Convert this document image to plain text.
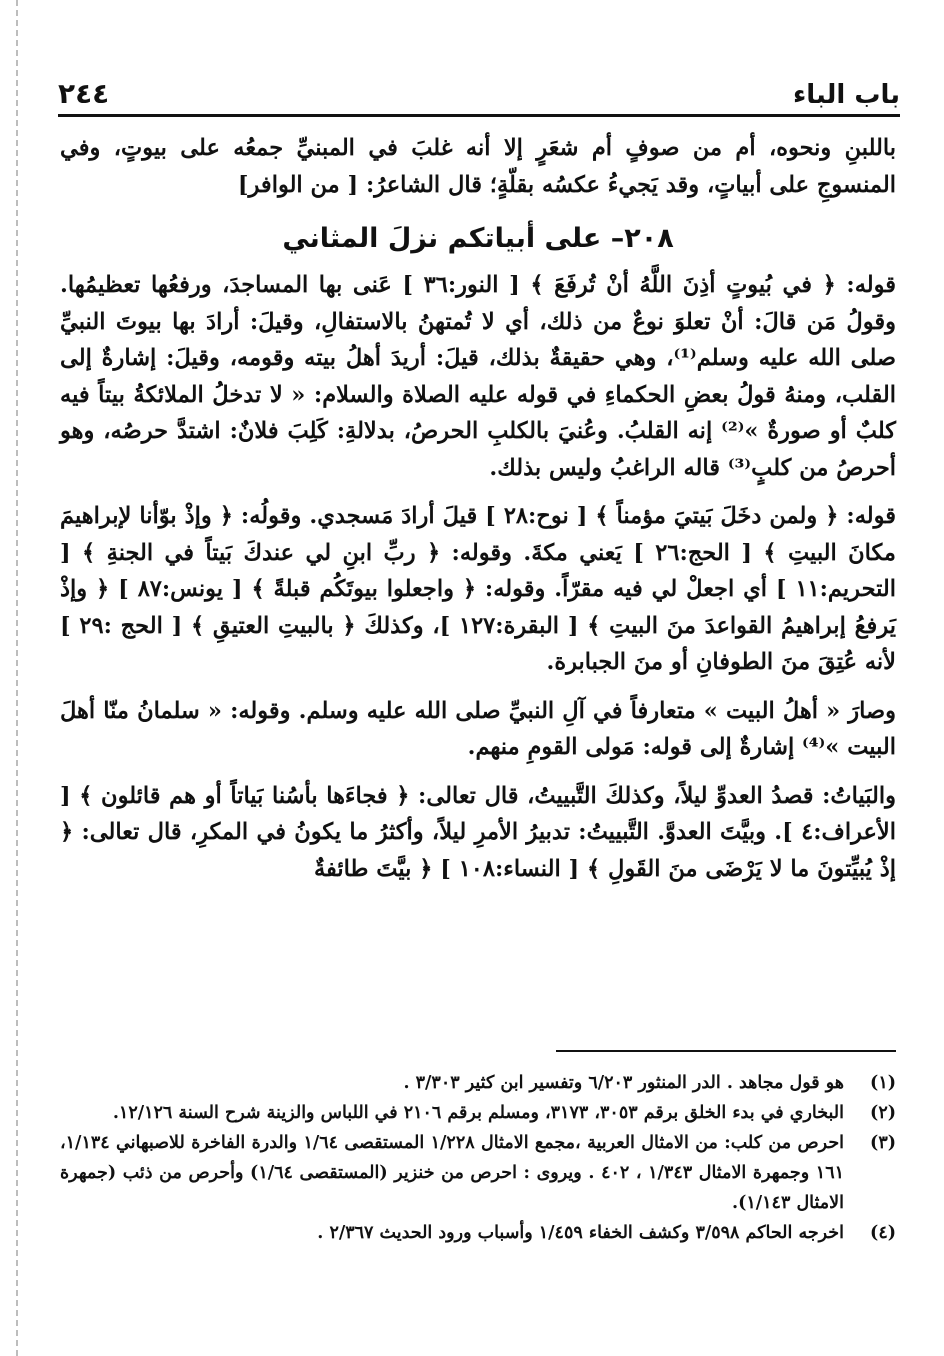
٢٤٤	باب الباء

باللبنِ ونحوه، أم من صوفٍ أم شعَرٍ إلا أنه غلبَ في المبنيِّ جمعُه على بيوتٍ، وفي المنسوجِ على أبياتٍ، وقد يَجيءُ عكسُه بقلّةٍ؛ قال الشاعرُ: [ من الوافر]

٢٠٨– على أبياتكم نزلَ المثاني

قوله: ﴿ في بُيوتٍ أذِنَ اللَّهُ أنْ تُرفَعَ ﴾ [ النور:٣٦ ] عَنى بها المساجدَ، ورفعُها تعظيمُها. وقولُ مَن قالَ: أنْ تعلوَ نوعٌ من ذلك، أي لا تُمتهنُ بالاستفالِ، وقيلَ: أرادَ بها بيوتَ النبيِّ صلى الله عليه وسلم⁽¹⁾، وهي حقيقةٌ بذلك، قيلَ: أريدَ أهلُ بيته وقومه، وقيلَ: إشارةٌ إلى القلب، ومنهُ قولُ بعضِ الحكماءِ في قوله عليه الصلاة والسلام: « لا تدخلُ الملائكةُ بيتاً فيه كلبٌ أو صورةٌ »⁽²⁾ إنه القلبُ. وعُنيَ بالكلبِ الحرصُ، بدلالةِ: كَلِبَ فلانٌ: اشتدَّ حرصُه، وهو أحرصُ من كلبٍ⁽³⁾ قاله الراغبُ وليس بذلك.

قوله: ﴿ ولمن دخَلَ بَيتيَ مؤمناً ﴾ [ نوح:٢٨ ] قيلَ أرادَ مَسجدي. وقولُه: ﴿ وإذْ بوّأنا لإبراهيمَ مكانَ البيتِ ﴾ [ الحج:٢٦ ] يَعني مكةَ. وقوله: ﴿ ربِّ ابنِ لي عندكَ بَيتاً في الجنةِ ﴾ [ التحريم:١١ ] أي اجعلْ لي فيه مقرّاً. وقوله: ﴿ واجعلوا بيوتَكُم قبلةً ﴾ [ يونس:٨٧ ] ﴿ وإذْ يَرفعُ إبراهيمُ القواعدَ منَ البيتِ ﴾ [ البقرة:١٢٧ ]، وكذلكَ ﴿ بالبيتِ العتيقِ ﴾ [ الحج :٢٩ ] لأنه عُتِقَ منَ الطوفانِ أو منَ الجبابرة.

وصارَ « أهلُ البيت » متعارفاً في آلِ النبيِّ صلى الله عليه وسلم. وقوله: « سلمانُ منّا أهلَ البيت »⁽⁴⁾ إشارةٌ إلى قوله: مَولى القومِ منهم.

والبَياتُ: قصدُ العدوِّ ليلاً، وكذلكَ التَّبييتُ، قال تعالى: ﴿ فجاءَها بأسُنا بَياتاً أو هم قائلون ﴾ [ الأعراف:٤ ]. وبيَّتَ العدوَّ. التَّبييتُ: تدبيرُ الأمرِ ليلاً، وأكثرُ ما يكونُ في المكرِ، قال تعالى: ﴿ إذْ يُبيِّتونَ ما لا يَرْضَى منَ القَولِ ﴾ [ النساء:١٠٨ ] ﴿ بيَّتَ طائفةٌ

(١)
هو قول مجاهد . الدر المنثور ٦/٢٠٣ وتفسير ابن كثير ٣/٣٠٣ .
(٢)
البخاري في بدء الخلق برقم ٣٠٥٣، ٣١٧٣، ومسلم برقم ٢١٠٦ في اللباس والزينة شرح السنة ١٢/١٢٦.
(٣)
احرص من كلب: من الامثال العربية ،مجمع الامثال ١/٢٢٨ المستقصى ١/٦٤ والدرة الفاخرة للاصبهاني ١/١٣٤، ١٦١ وجمهرة الامثال ١/٣٤٣ ، ٤٠٢ . ويروى : احرص من خنزير (المستقصى ١/٦٤) وأحرص من ذئب (جمهرة الامثال ١/١٤٣).
(٤)
اخرجه الحاكم ٣/٥٩٨ وكشف الخفاء ١/٤٥٩ وأسباب ورود الحديث ٢/٣٦٧ .
